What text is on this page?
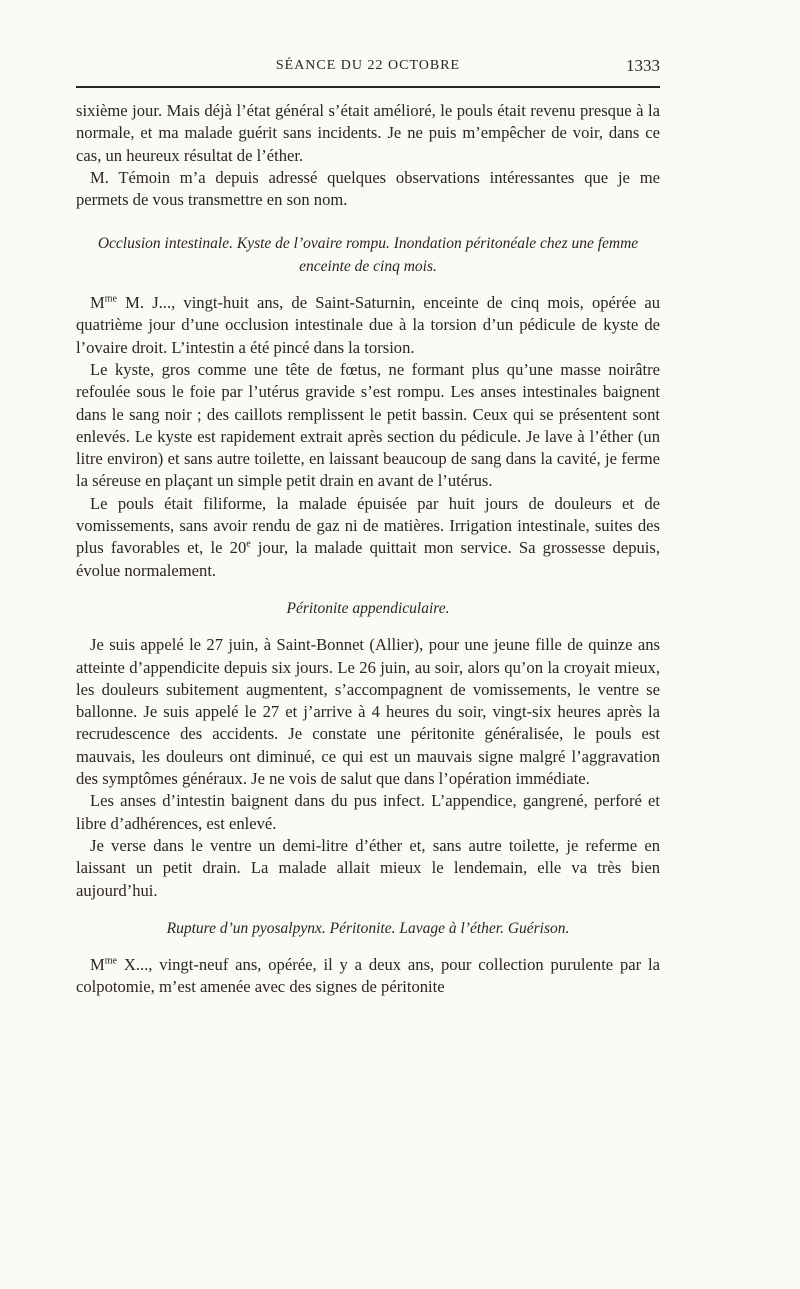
SÉANCE DU 22 OCTOBRE	1333

sixième jour. Mais déjà l’état général s’était amélioré, le pouls était revenu presque à la normale, et ma malade guérit sans incidents. Je ne puis m’empêcher de voir, dans ce cas, un heureux résultat de l’éther.

M. Témoin m’a depuis adressé quelques observations intéressantes que je me permets de vous transmettre en son nom.

Occlusion intestinale. Kyste de l’ovaire rompu. Inondation péritonéale chez une femme enceinte de cinq mois.

$M^{me}$ M. J..., vingt-huit ans, de Saint-Saturnin, enceinte de cinq mois, opérée au quatrième jour d’une occlusion intestinale due à la torsion d’un pédicule de kyste de l’ovaire droit. L’intestin a été pincé dans la torsion.

Le kyste, gros comme une tête de fœtus, ne formant plus qu’une masse noirâtre refoulée sous le foie par l’utérus gravide s’est rompu. Les anses intestinales baignent dans le sang noir ; des caillots remplissent le petit bassin. Ceux qui se présentent sont enlevés. Le kyste est rapidement extrait après section du pédicule. Je lave à l’éther (un litre environ) et sans autre toilette, en laissant beaucoup de sang dans la cavité, je ferme la séreuse en plaçant un simple petit drain en avant de l’utérus.

Le pouls était filiforme, la malade épuisée par huit jours de douleurs et de vomissements, sans avoir rendu de gaz ni de matières. Irrigation intestinale, suites des plus favorables et, le 20e jour, la malade quittait mon service. Sa grossesse depuis, évolue normalement.

Péritonite appendiculaire.

Je suis appelé le 27 juin, à Saint-Bonnet (Allier), pour une jeune fille de quinze ans atteinte d’appendicite depuis six jours. Le 26 juin, au soir, alors qu’on la croyait mieux, les douleurs subitement augmentent, s’accompagnent de vomissements, le ventre se ballonne. Je suis appelé le 27 et j’arrive à 4 heures du soir, vingt-six heures après la recrudescence des accidents. Je constate une péritonite généralisée, le pouls est mauvais, les douleurs ont diminué, ce qui est un mauvais signe malgré l’aggravation des symptômes généraux. Je ne vois de salut que dans l’opération immédiate.

Les anses d’intestin baignent dans du pus infect. L’appendice, gangrené, perforé et libre d’adhérences, est enlevé.

Je verse dans le ventre un demi-litre d’éther et, sans autre toilette, je referme en laissant un petit drain. La malade allait mieux le lendemain, elle va très bien aujourd’hui.

Rupture d’un pyosalpynx. Péritonite. Lavage à l’éther. Guérison.

$M^{me}$ X..., vingt-neuf ans, opérée, il y a deux ans, pour collection purulente par la colpotomie, m’est amenée avec des signes de péritonite
